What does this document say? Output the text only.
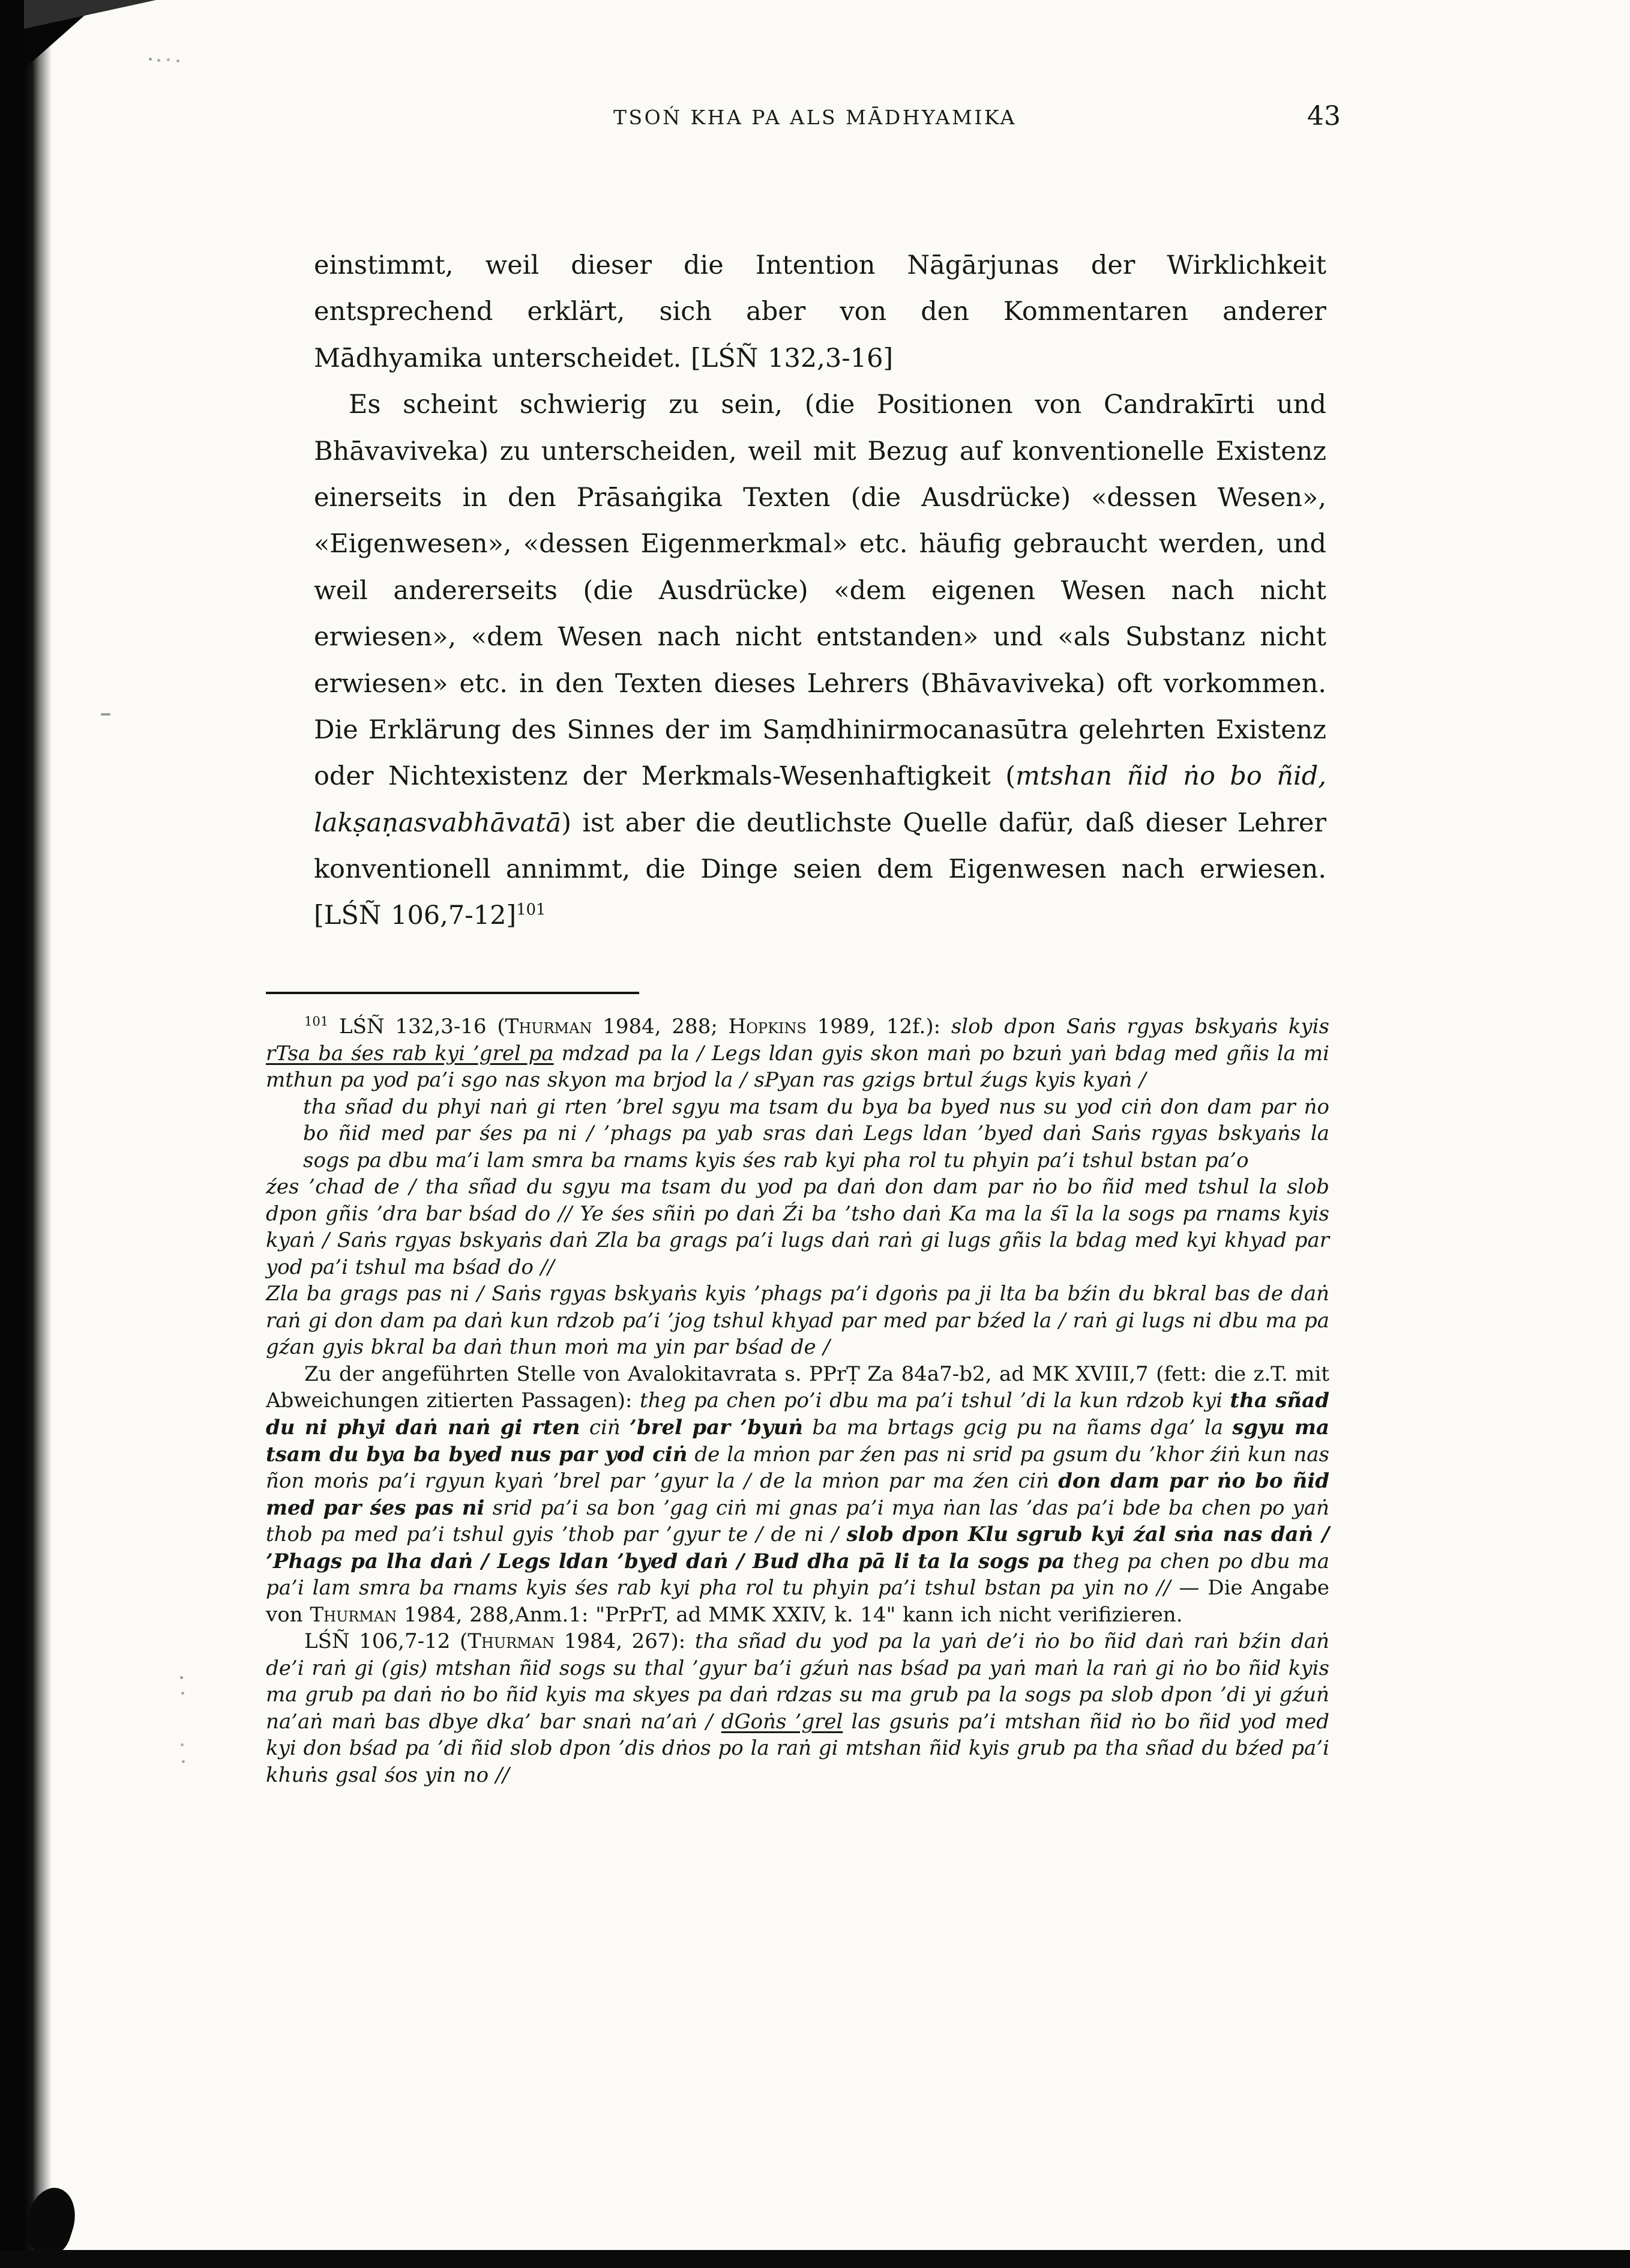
TSOŃ KHA PA ALS MĀDHYAMIKA	43

einstimmt, weil dieser die Intention Nāgārjunas der Wirklichkeit entsprechend erklärt, sich aber von den Kommentaren anderer Mādhyamika unterscheidet. [LŚÑ 132,3-16]

Es scheint schwierig zu sein, (die Positionen von Candrakīrti und Bhāvaviveka) zu unterscheiden, weil mit Bezug auf konventionelle Existenz einerseits in den Prāsaṅgika Texten (die Ausdrücke) «dessen Wesen», «Eigenwesen», «dessen Eigenmerkmal» etc. häufig gebraucht werden, und weil andererseits (die Ausdrücke) «dem eigenen Wesen nach nicht erwiesen», «dem Wesen nach nicht entstanden» und «als Substanz nicht erwiesen» etc. in den Texten dieses Lehrers (Bhāvaviveka) oft vorkommen. Die Erklärung des Sinnes der im Saṃdhinirmocanasūtra gelehrten Existenz oder Nichtexistenz der Merkmals-Wesenhaftigkeit (mtshan ñid ṅo bo ñid, lakṣaṇasvabhāvatā) ist aber die deutlichste Quelle dafür, daß dieser Lehrer konventionell annimmt, die Dinge seien dem Eigenwesen nach erwiesen. [LŚÑ 106,7-12]$^{101}$

$^{101}$ LŚÑ 132,3-16 (Thurman 1984, 288; Hopkins 1989, 12f.): slob dpon Saṅs rgyas bskyaṅs kyis rTsa ba śes rab kyi ’grel pa mdzad pa la / Legs ldan gyis skon maṅ po bzuṅ yaṅ bdag med gñis la mi mthun pa yod pa’i sgo nas skyon ma brjod la / sPyan ras gzigs brtul źugs kyis kyaṅ /

tha sñad du phyi naṅ gi rten ’brel sgyu ma tsam du bya ba byed nus su yod ciṅ don dam par ṅo bo ñid med par śes pa ni / ’phags pa yab sras daṅ Legs ldan ’byed daṅ Saṅs rgyas bskyaṅs la sogs pa dbu ma’i lam smra ba rnams kyis śes rab kyi pha rol tu phyin pa’i tshul bstan pa’o

źes ’chad de / tha sñad du sgyu ma tsam du yod pa daṅ don dam par ṅo bo ñid med tshul la slob dpon gñis ’dra bar bśad do // Ye śes sñiṅ po daṅ Źi ba ’tsho daṅ Ka ma la śī la la sogs pa rnams kyis kyaṅ / Saṅs rgyas bskyaṅs daṅ Zla ba grags pa’i lugs daṅ raṅ gi lugs gñis la bdag med kyi khyad par yod pa’i tshul ma bśad do //

Zla ba grags pas ni / Saṅs rgyas bskyaṅs kyis ’phags pa’i dgoṅs pa ji lta ba bźin du bkral bas de daṅ raṅ gi don dam pa daṅ kun rdzob pa’i ’jog tshul khyad par med par bźed la / raṅ gi lugs ni dbu ma pa gźan gyis bkral ba daṅ thun moṅ ma yin par bśad de /

Zu der angeführten Stelle von Avalokitavrata s. PPrṬ Za 84a7-b2, ad MK XVIII,7 (fett: die z.T. mit Abweichungen zitierten Passagen): theg pa chen po’i dbu ma pa’i tshul ’di la kun rdzob kyi tha sñad du ni phyi daṅ naṅ gi rten ciṅ ’brel par ’byuṅ ba ma brtags gcig pu na ñams dga’ la sgyu ma tsam du bya ba byed nus par yod ciṅ de la mṅon par źen pas ni srid pa gsum du ’khor źiṅ kun nas ñon moṅs pa’i rgyun kyaṅ ’brel par ’gyur la / de la mṅon par ma źen ciṅ don dam par ṅo bo ñid med par śes pas ni srid pa’i sa bon ’gag ciṅ mi gnas pa’i mya ṅan las ’das pa’i bde ba chen po yaṅ thob pa med pa’i tshul gyis ’thob par ’gyur te / de ni / slob dpon Klu sgrub kyi źal sṅa nas daṅ / ’Phags pa lha daṅ / Legs ldan ’byed daṅ / Bud dha pā li ta la sogs pa theg pa chen po dbu ma pa’i lam smra ba rnams kyis śes rab kyi pha rol tu phyin pa’i tshul bstan pa yin no // — Die Angabe von Thurman 1984, 288,Anm.1: "PrPrT, ad MMK XXIV, k. 14" kann ich nicht verifizieren.

LŚÑ 106,7-12 (Thurman 1984, 267): tha sñad du yod pa la yaṅ de’i ṅo bo ñid daṅ raṅ bźin daṅ de’i raṅ gi (gis) mtshan ñid sogs su thal ’gyur ba’i gźuṅ nas bśad pa yaṅ maṅ la raṅ gi ṅo bo ñid kyis ma grub pa daṅ ṅo bo ñid kyis ma skyes pa daṅ rdzas su ma grub pa la sogs pa slob dpon ’di yi gźuṅ na’aṅ maṅ bas dbye dka’ bar snaṅ na’aṅ / dGoṅs ’grel las gsuṅs pa’i mtshan ñid ṅo bo ñid yod med kyi don bśad pa ’di ñid slob dpon ’dis dṅos po la raṅ gi mtshan ñid kyis grub pa tha sñad du bźed pa’i khuṅs gsal śos yin no //
